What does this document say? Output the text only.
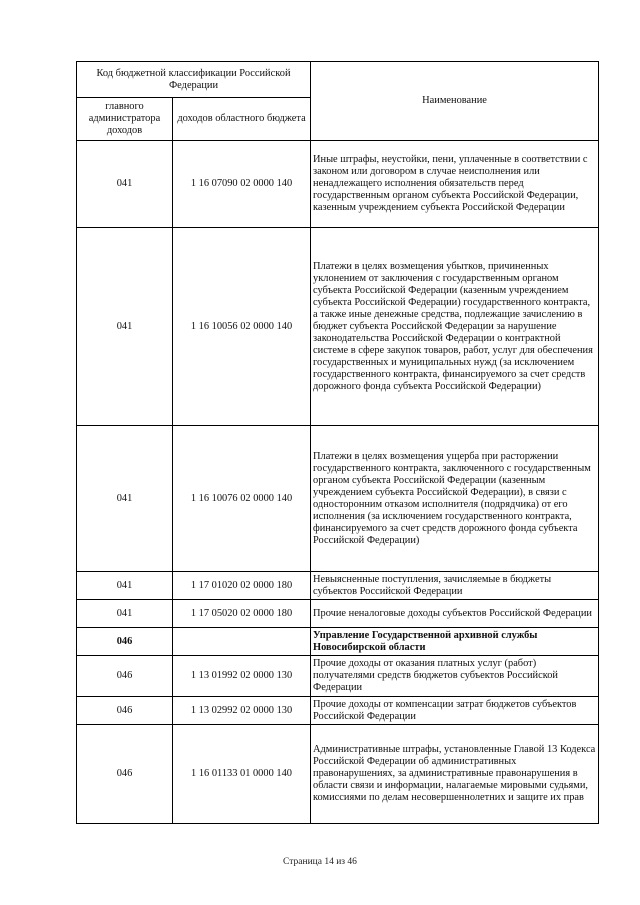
Код бюджетной классификации Российской Федерации		Наименование
главного администратора доходов	доходов областного бюджета	
041	1 16 07090 02 0000 140	Иные штрафы, неустойки, пени, уплаченные в соответствии с законом или договором в случае неисполнения или ненадлежащего исполнения обязательств перед государственным органом субъекта Российской Федерации, казенным учреждением субъекта Российской Федерации
041	1 16 10056 02 0000 140	Платежи в целях возмещения убытков, причиненных уклонением от заключения с государственным органом субъекта Российской Федерации (казенным учреждением субъекта Российской Федерации) государственного контракта, а также иные денежные средства, подлежащие зачислению в бюджет субъекта Российской Федерации за нарушение законодательства Российской Федерации о контрактной системе в сфере закупок товаров, работ, услуг для обеспечения государственных и муниципальных нужд (за исключением государственного контракта, финансируемого за счет средств дорожного фонда субъекта Российской Федерации)
041	1 16 10076 02 0000 140	Платежи в целях возмещения ущерба при расторжении государственного контракта, заключенного с государственным органом субъекта Российской Федерации (казенным учреждением субъекта Российской Федерации), в связи с односторонним отказом исполнителя (подрядчика) от его исполнения (за исключением государственного контракта, финансируемого за счет средств дорожного фонда субъекта Российской Федерации)
041	1 17 01020 02 0000 180	Невыясненные поступления, зачисляемые в бюджеты субъектов Российской Федерации
041	1 17 05020 02 0000 180	Прочие неналоговые доходы субъектов Российской Федерации
046		Управление Государственной архивной службы Новосибирской области
046	1 13 01992 02 0000 130	Прочие доходы от оказания платных услуг (работ) получателями средств бюджетов субъектов Российской Федерации
046	1 13 02992 02 0000 130	Прочие доходы от компенсации затрат бюджетов субъектов Российской Федерации
046	1 16 01133 01 0000 140	Административные штрафы, установленные Главой 13 Кодекса Российской Федерации об административных правонарушениях, за административные правонарушения в области связи и информации, налагаемые мировыми судьями, комиссиями по делам несовершеннолетних и защите их прав
Страница 14 из 46
